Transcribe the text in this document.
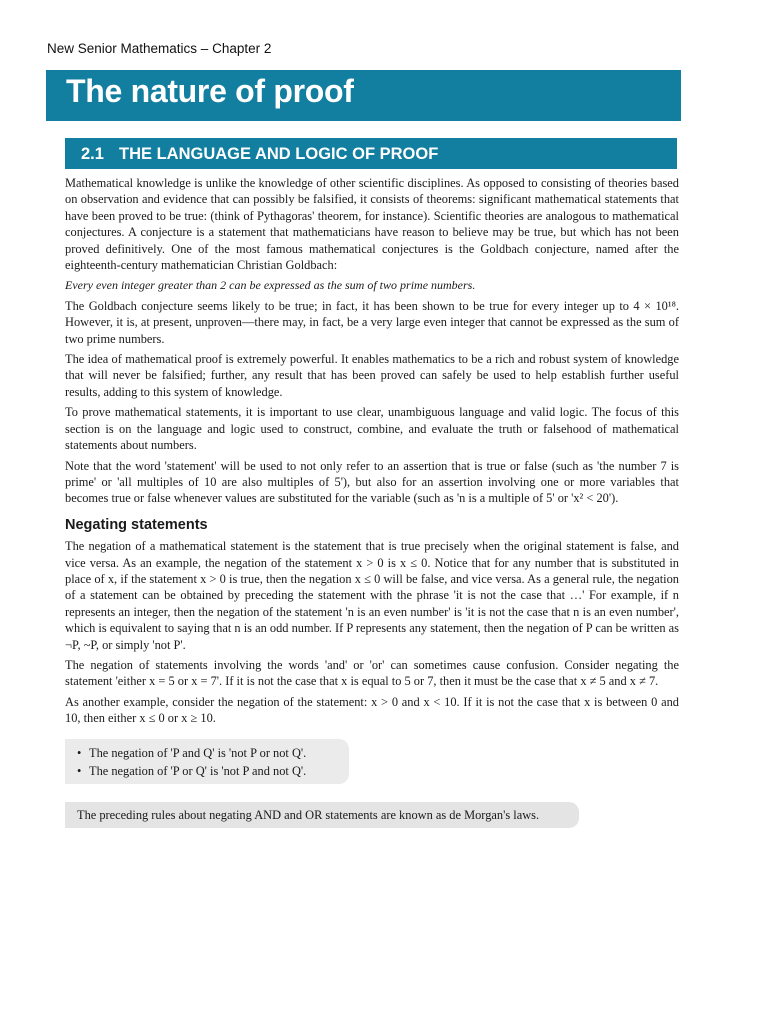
New Senior Mathematics – Chapter 2
The nature of proof
2.1 THE LANGUAGE AND LOGIC OF PROOF

Mathematical knowledge is unlike the knowledge of other scientific disciplines. As opposed to consisting of theories based on observation and evidence that can possibly be falsified, it consists of theorems: significant mathematical statements that have been proved to be true: (think of Pythagoras' theorem, for instance). Scientific theories are analogous to mathematical conjectures. A conjecture is a statement that mathematicians have reason to believe may be true, but which has not been proved definitively. One of the most famous mathematical conjectures is the Goldbach conjecture, named after the eighteenth-century mathematician Christian Goldbach:

Every even integer greater than 2 can be expressed as the sum of two prime numbers.

The Goldbach conjecture seems likely to be true; in fact, it has been shown to be true for every integer up to 4 × 10¹⁸. However, it is, at present, unproven—there may, in fact, be a very large even integer that cannot be expressed as the sum of two prime numbers.

The idea of mathematical proof is extremely powerful. It enables mathematics to be a rich and robust system of knowledge that will never be falsified; further, any result that has been proved can safely be used to help establish further useful results, adding to this system of knowledge.

To prove mathematical statements, it is important to use clear, unambiguous language and valid logic. The focus of this section is on the language and logic used to construct, combine, and evaluate the truth or falsehood of mathematical statements about numbers.

Note that the word 'statement' will be used to not only refer to an assertion that is true or false (such as 'the number 7 is prime' or 'all multiples of 10 are also multiples of 5'), but also for an assertion involving one or more variables that becomes true or false whenever values are substituted for the variable (such as 'n is a multiple of 5' or 'x² < 20').

Negating statements

The negation of a mathematical statement is the statement that is true precisely when the original statement is false, and vice versa. As an example, the negation of the statement x > 0 is x ≤ 0. Notice that for any number that is substituted in place of x, if the statement x > 0 is true, then the negation x ≤ 0 will be false, and vice versa. As a general rule, the negation of a statement can be obtained by preceding the statement with the phrase 'it is not the case that …' For example, if n represents an integer, then the negation of the statement 'n is an even number' is 'it is not the case that n is an even number', which is equivalent to saying that n is an odd number. If P represents any statement, then the negation of P can be written as ¬P, ~P, or simply 'not P'.

The negation of statements involving the words 'and' or 'or' can sometimes cause confusion. Consider negating the statement 'either x = 5 or x = 7'. If it is not the case that x is equal to 5 or 7, then it must be the case that x ≠ 5 and x ≠ 7.

As another example, consider the negation of the statement: x > 0 and x < 10. If it is not the case that x is between 0 and 10, then either x ≤ 0 or x ≥ 10.

• The negation of 'P and Q' is 'not P or not Q'.
• The negation of 'P or Q' is 'not P and not Q'.
The preceding rules about negating AND and OR statements are known as de Morgan's laws.
